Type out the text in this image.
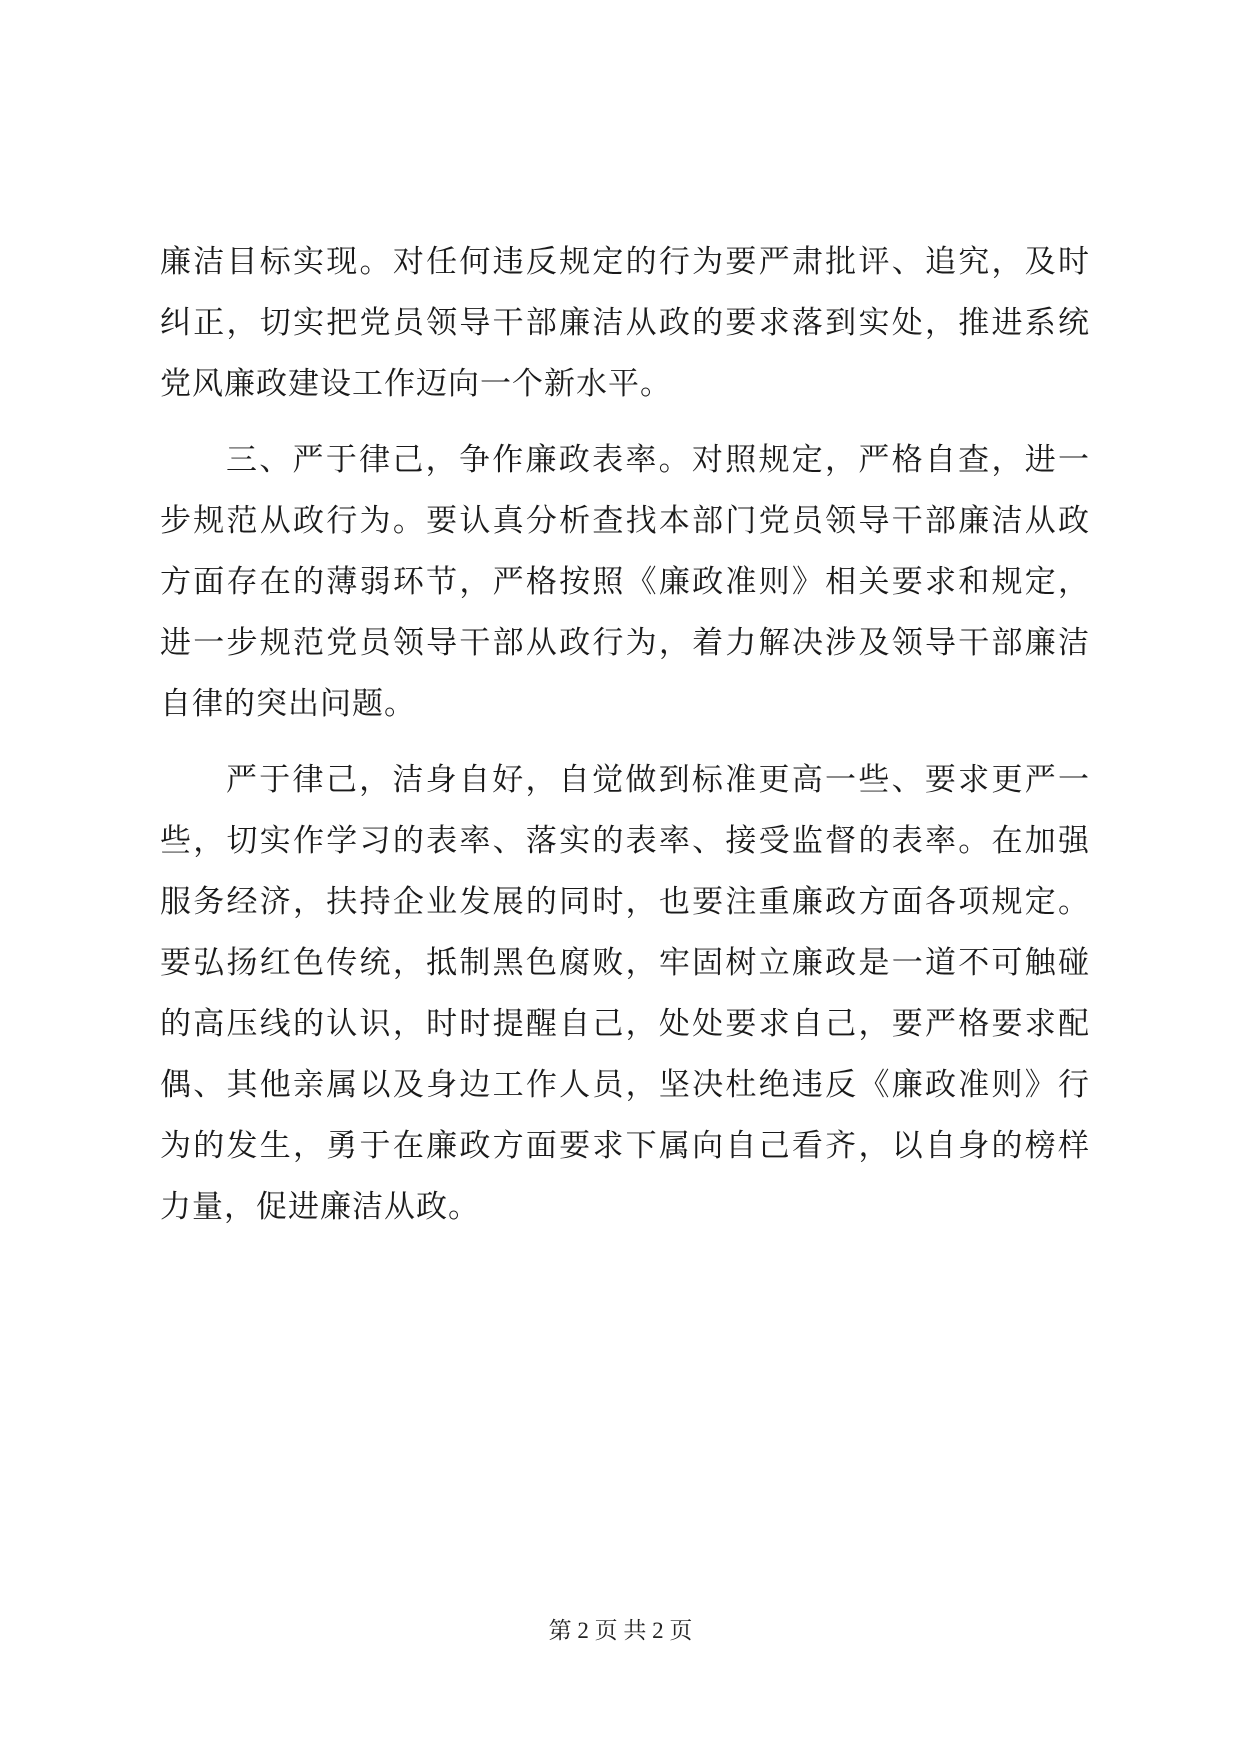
廉洁目标实现。对任何违反规定的行为要严肃批评、追究，及时
纠正，切实把党员领导干部廉洁从政的要求落到实处，推进系统
党风廉政建设工作迈向一个新水平。
三、严于律己，争作廉政表率。对照规定，严格自查，进一
步规范从政行为。要认真分析查找本部门党员领导干部廉洁从政
方面存在的薄弱环节，严格按照《廉政准则》相关要求和规定，
进一步规范党员领导干部从政行为，着力解决涉及领导干部廉洁
自律的突出问题。
严于律己，洁身自好，自觉做到标准更高一些、要求更严一
些，切实作学习的表率、落实的表率、接受监督的表率。在加强
服务经济，扶持企业发展的同时，也要注重廉政方面各项规定。
要弘扬红色传统，抵制黑色腐败，牢固树立廉政是一道不可触碰
的高压线的认识，时时提醒自己，处处要求自己，要严格要求配
偶、其他亲属以及身边工作人员，坚决杜绝违反《廉政准则》行
为的发生，勇于在廉政方面要求下属向自己看齐，以自身的榜样
力量，促进廉洁从政。
第 2 页 共 2 页
